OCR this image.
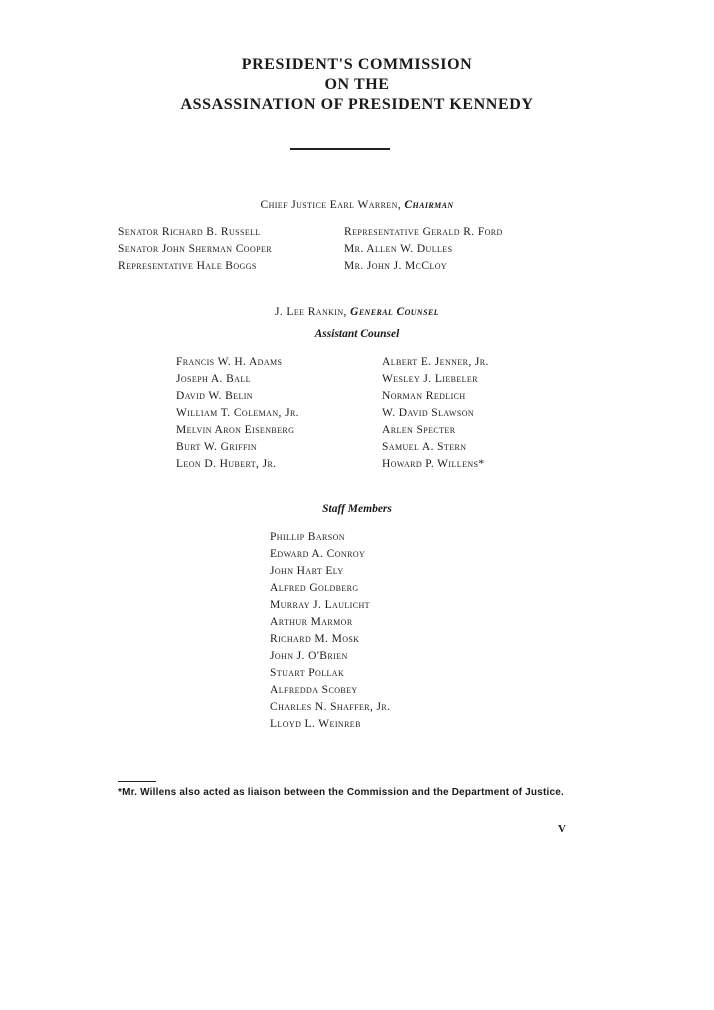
PRESIDENT'S COMMISSION
ON THE
ASSASSINATION OF PRESIDENT KENNEDY
Chief Justice Earl Warren, Chairman
Senator Richard B. Russell
Senator John Sherman Cooper
Representative Hale Boggs
Representative Gerald R. Ford
Mr. Allen W. Dulles
Mr. John J. McCloy
J. Lee Rankin, General Counsel
Assistant Counsel
Francis W. H. Adams
Joseph A. Ball
David W. Belin
William T. Coleman, Jr.
Melvin Aron Eisenberg
Burt W. Griffin
Leon D. Hubert, Jr.
Albert E. Jenner, Jr.
Wesley J. Liebeler
Norman Redlich
W. David Slawson
Arlen Specter
Samuel A. Stern
Howard P. Willens*
Staff Members
Phillip Barson
Edward A. Conroy
John Hart Ely
Alfred Goldberg
Murray J. Laulicht
Arthur Marmor
Richard M. Mosk
John J. O'Brien
Stuart Pollak
Alfredda Scobey
Charles N. Shaffer, Jr.
Lloyd L. Weinreb
*Mr. Willens also acted as liaison between the Commission and the Department of Justice.
V
